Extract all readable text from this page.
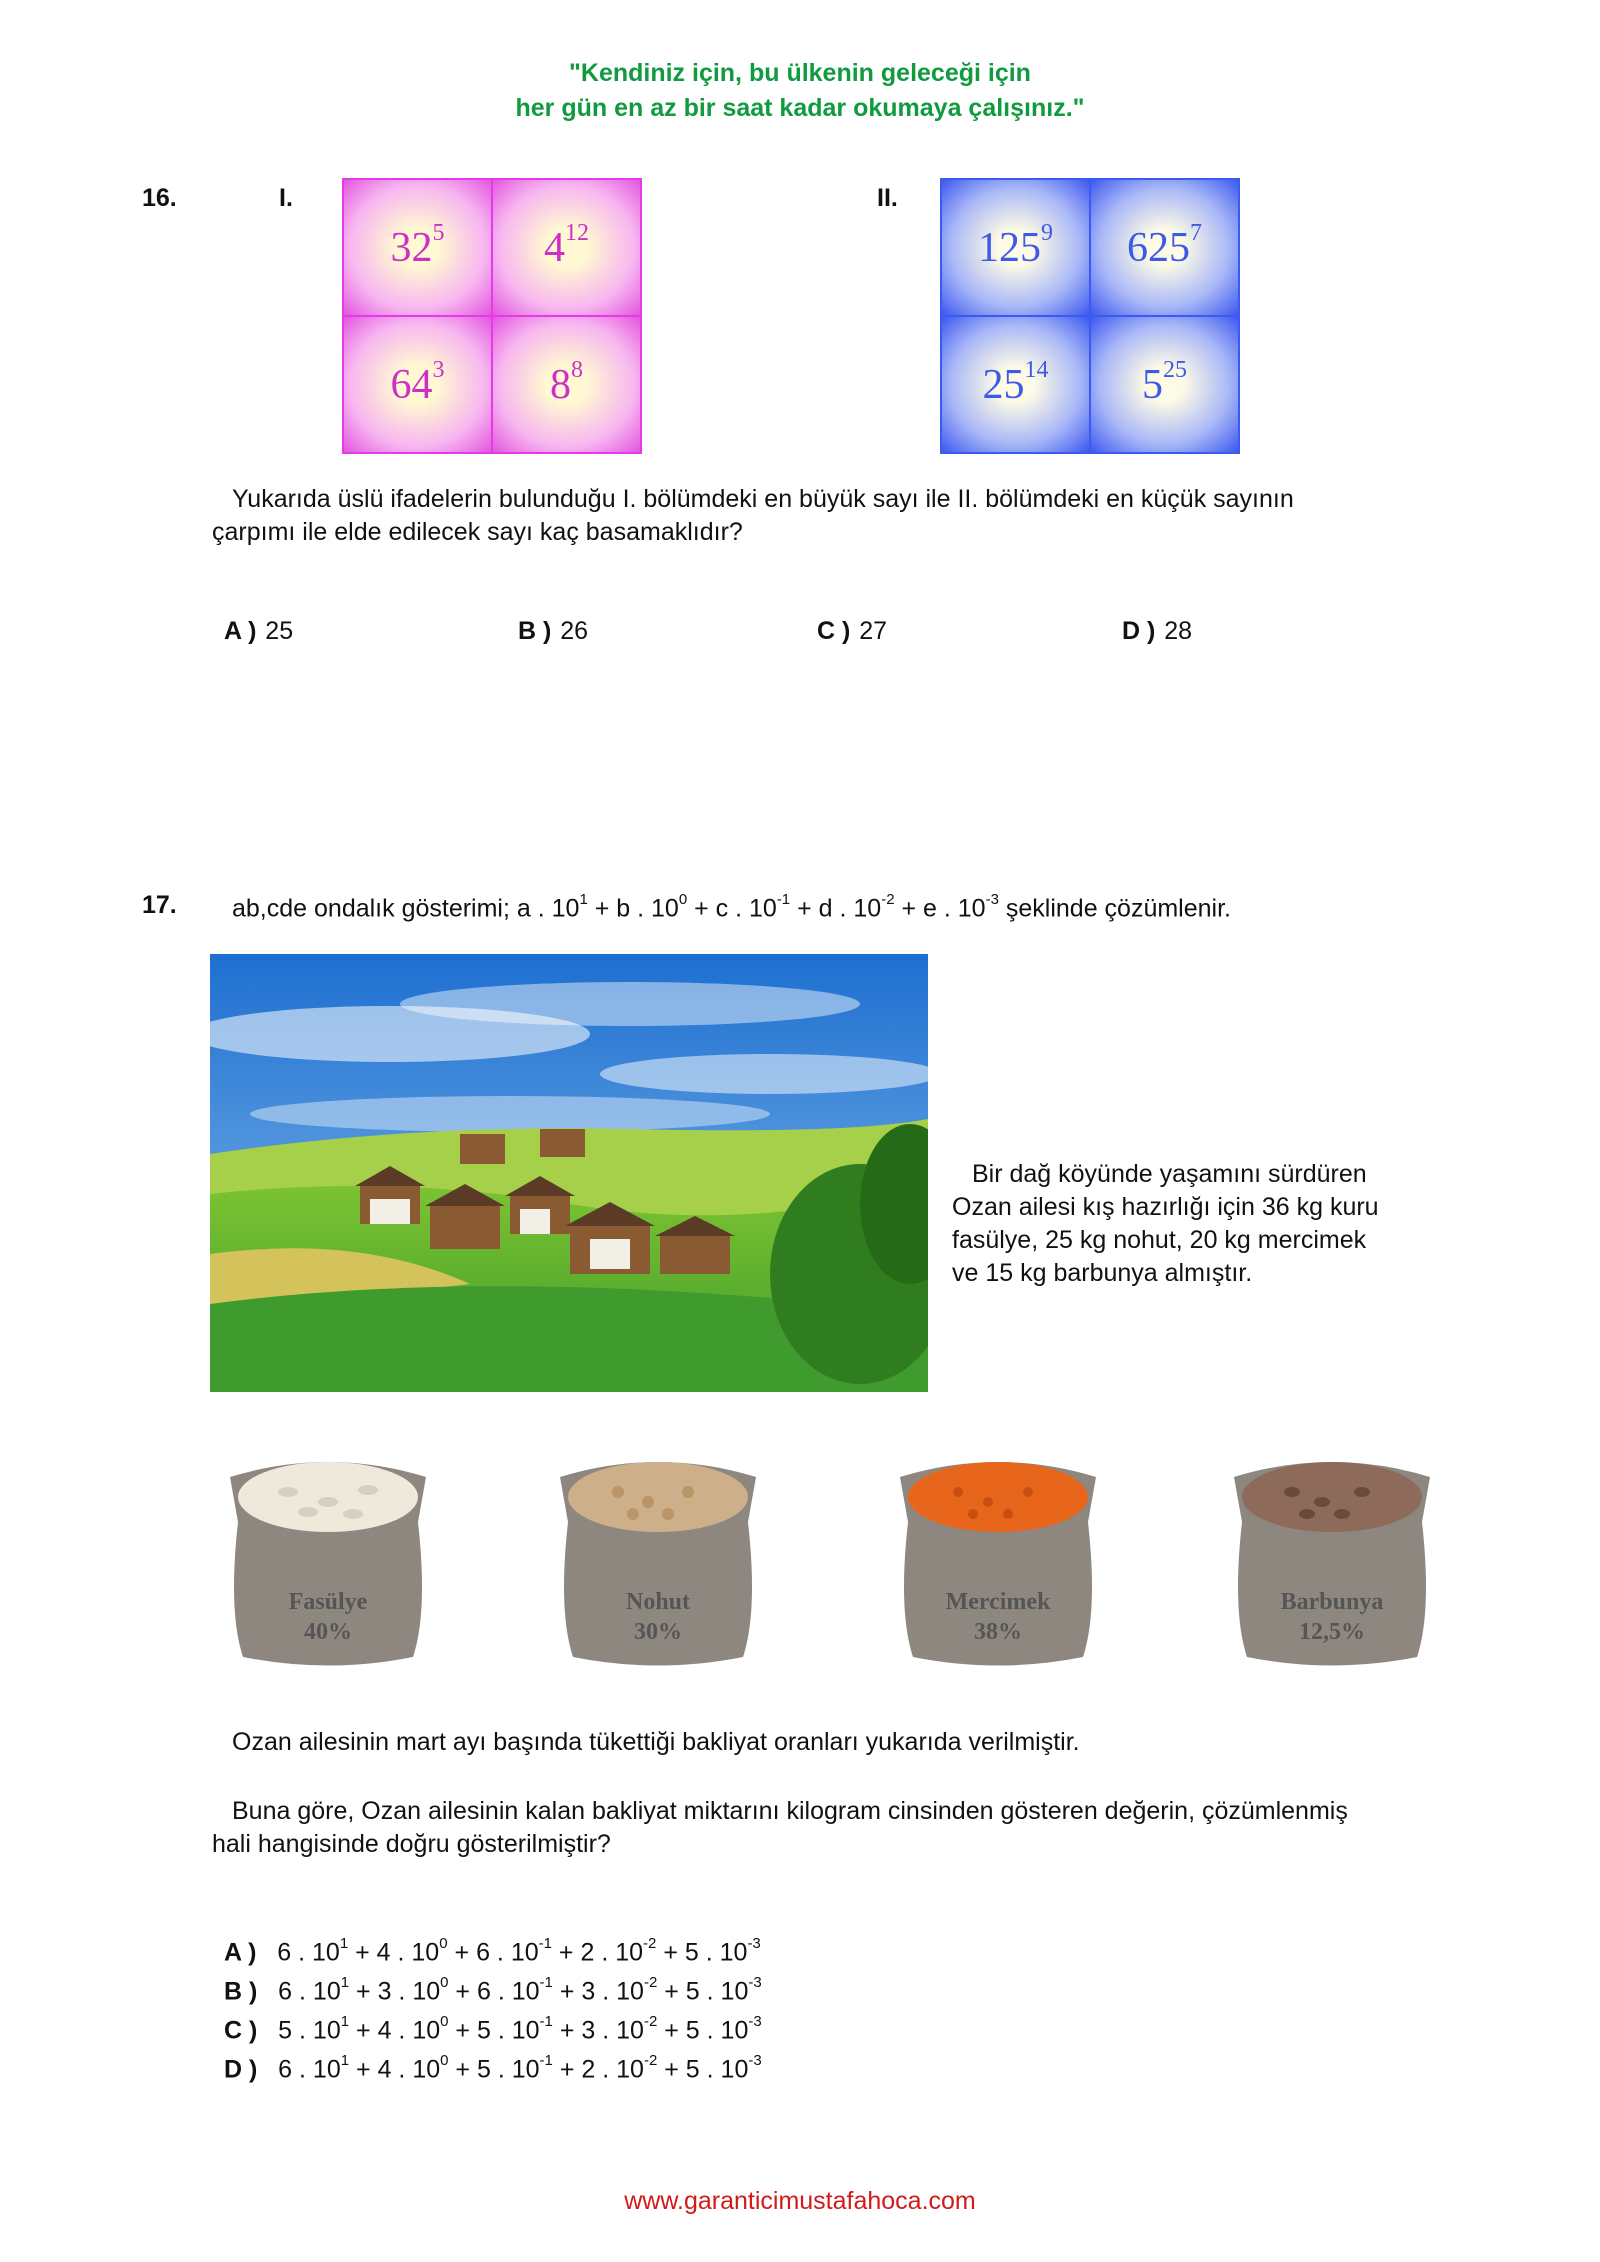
"Kendiniz için, bu ülkenin geleceği için
her gün en az bir saat kadar okumaya çalışınız."
16.	I.	II.
$32^5$ $4^{12}$
$64^3$	$8^8$
$125^9$ $625^7$
$25^{14}$ $5^{25}$
Yukarıda üslü ifadelerin bulunduğu I. bölümdeki en büyük sayı ile II. bölümdeki en küçük sayının
çarpımı ile elde edilecek sayı kaç basamaklıdır?
A ) 25	B ) 26	C ) 27	D ) 28
17. ab,cde ondalık gösterimi; a . $10^1 + b$ . $10^0 + c$ . $10^{-1} + d$ . $10^{-2} + e$ . $10^{-3}$ şeklinde çözümlenir.
Bir dağ köyünde yaşamını sürdüren
Ozan ailesi kış hazırlığı için 36 kg kuru
fasülye, 25 kg nohut, 20 kg mercimek
ve 15 kg barbunya almıştır.
Fasülye
40%
Nohut
30%
Mercimek
38%
Barbunya
12,5%
Ozan ailesinin mart ayı başında tükettiği bakliyat oranları yukarıda verilmiştir.
Buna göre, Ozan ailesinin kalan bakliyat miktarını kilogram cinsinden gösteren değerin, çözümlenmiş
hali hangisinde doğru gösterilmiştir?
A ) 6 . $10^1 + 4$ . $10^0 + 6$ . $10^{-1} + 2$ . $10^{-2} + 5$ . $10^{-3}$
B ) 6 . $10^1 + 3$ . $10^0 + 6$ . $10^{-1} + 3$ . $10^{-2} + 5$ . $10^{-3}$
C ) 5 . $10^1 + 4$ . $10^0 + 5$ . $10^{-1} + 3$ . $10^{-2} + 5$ . $10^{-3}$
D ) 6 . $10^1 + 4$ . $10^0 + 5$ . $10^{-1} + 2$ . $10^{-2} + 5$ . $10^{-3}$
www.garanticimustafahoca.com
